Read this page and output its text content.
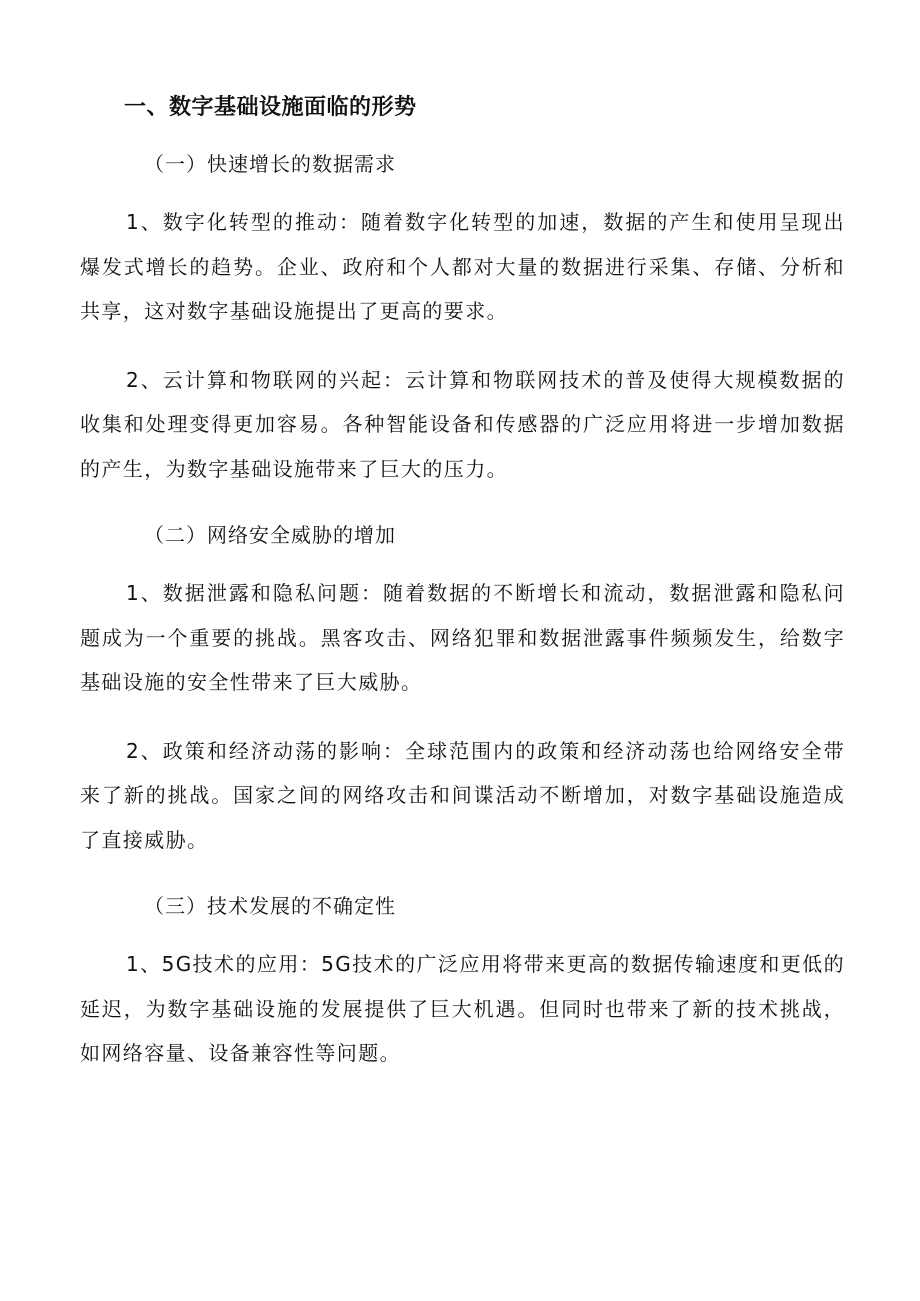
一、数字基础设施面临的形势
（一）快速增长的数据需求

1、数字化转型的推动：随着数字化转型的加速，数据的产生和使用呈现出爆发式增长的趋势。企业、政府和个人都对大量的数据进行采集、存储、分析和共享，这对数字基础设施提出了更高的要求。

2、云计算和物联网的兴起：云计算和物联网技术的普及使得大规模数据的收集和处理变得更加容易。各种智能设备和传感器的广泛应用将进一步增加数据的产生，为数字基础设施带来了巨大的压力。

（二）网络安全威胁的增加

1、数据泄露和隐私问题：随着数据的不断增长和流动，数据泄露和隐私问题成为一个重要的挑战。黑客攻击、网络犯罪和数据泄露事件频频发生，给数字基础设施的安全性带来了巨大威胁。

2、政策和经济动荡的影响：全球范围内的政策和经济动荡也给网络安全带来了新的挑战。国家之间的网络攻击和间谍活动不断增加，对数字基础设施造成了直接威胁。

（三）技术发展的不确定性

1、5G技术的应用：5G技术的广泛应用将带来更高的数据传输速度和更低的延迟，为数字基础设施的发展提供了巨大机遇。但同时也带来了新的技术挑战，如网络容量、设备兼容性等问题。
